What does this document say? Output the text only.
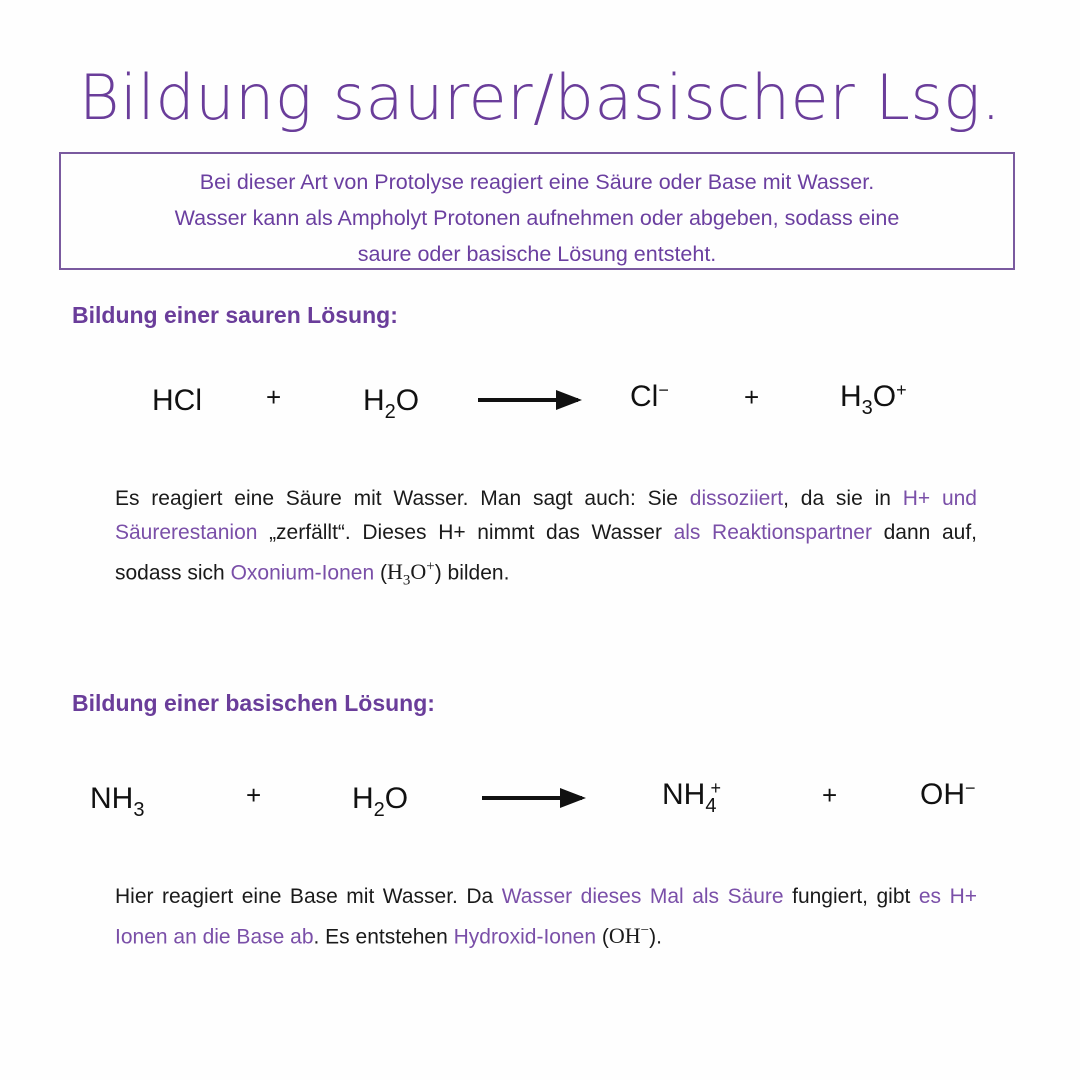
Bildung saurer/basischer Lsg.
Bei dieser Art von Protolyse reagiert eine Säure oder Base mit Wasser.
Wasser kann als Ampholyt Protonen aufnehmen oder abgeben, sodass eine
saure oder basische Lösung entsteht.
Bildung einer sauren Lösung:
HCl +	$H_2O$	Cl−	+	$H_3O^+$
Es reagiert eine Säure mit Wasser. Man sagt auch: Sie dissoziiert, da sie in H+ und Säurerestanion „zerfällt“. Dieses H+ nimmt das Wasser als Reaktionspartner dann auf, sodass sich Oxonium-Ionen $(H_3O^+)$ bilden.
Bildung einer basischen Lösung:
$NH_3$	+	$H_2O$	$NH_4^+$	+	OH−
Hier reagiert eine Base mit Wasser. Da Wasser dieses Mal als Säure fungiert, gibt es H+ Ionen an die Base ab. Es entstehen Hydroxid-Ionen (OH−).
